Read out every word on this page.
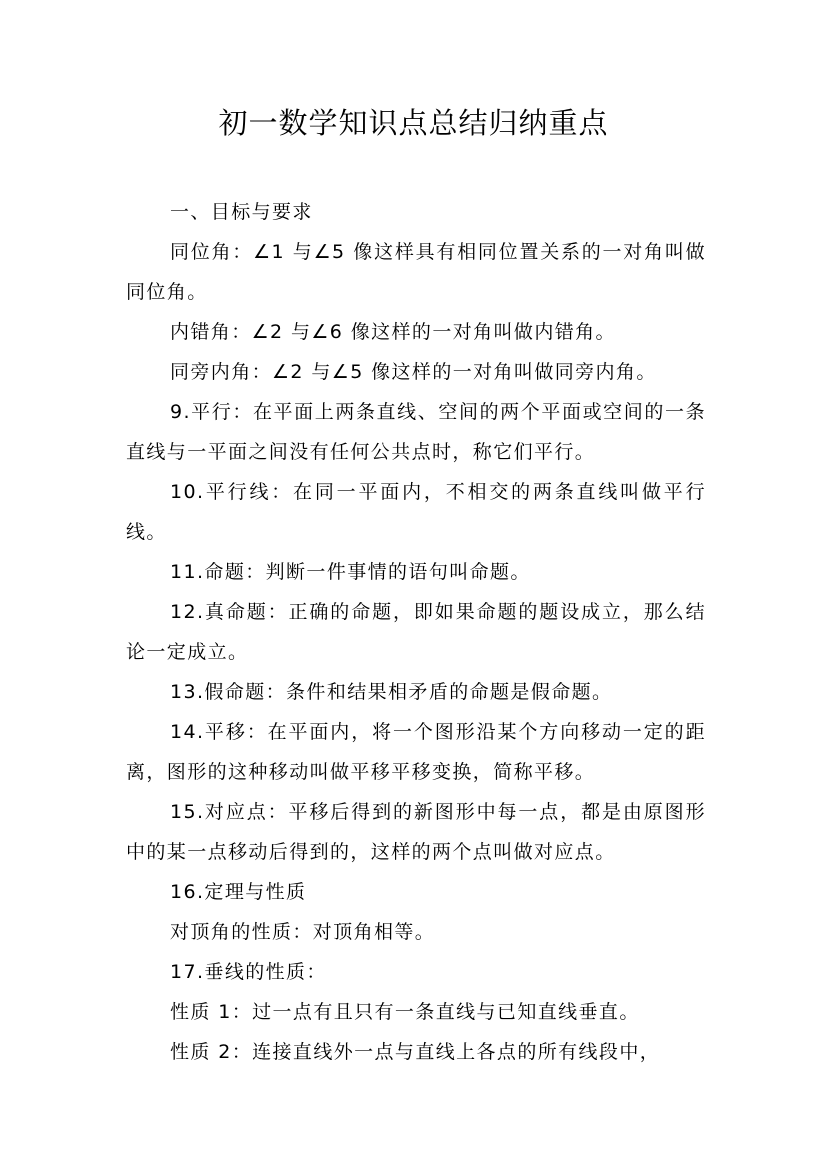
初一数学知识点总结归纳重点

一、目标与要求

同位角：∠1 与∠5 像这样具有相同位置关系的一对角叫做同位角。

内错角：∠2 与∠6 像这样的一对角叫做内错角。

同旁内角：∠2 与∠5 像这样的一对角叫做同旁内角。

9.平行：在平面上两条直线、空间的两个平面或空间的一条直线与一平面之间没有任何公共点时，称它们平行。

10.平行线：在同一平面内，不相交的两条直线叫做平行线。

11.命题：判断一件事情的语句叫命题。

12.真命题：正确的命题，即如果命题的题设成立，那么结论一定成立。

13.假命题：条件和结果相矛盾的命题是假命题。

14.平移：在平面内，将一个图形沿某个方向移动一定的距离，图形的这种移动叫做平移平移变换，简称平移。

15.对应点：平移后得到的新图形中每一点，都是由原图形中的某一点移动后得到的，这样的两个点叫做对应点。

16.定理与性质

对顶角的性质：对顶角相等。

17.垂线的性质：

性质 1：过一点有且只有一条直线与已知直线垂直。

性质 2：连接直线外一点与直线上各点的所有线段中，
